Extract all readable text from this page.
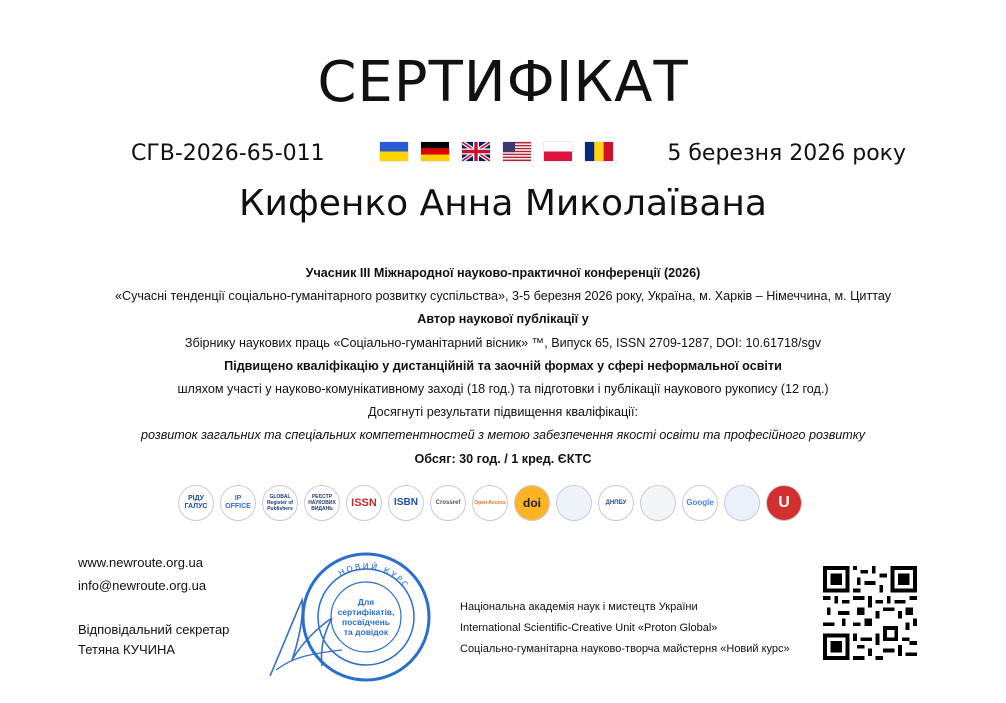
СЕРТИФІКАТ
СГВ-2026-65-011	5 березня 2026 року
Кифенко Анна Миколаївана
Учасник III Міжнародної науково-практичної конференції (2026)
«Сучасні тенденції соціально-гуманітарного розвитку суспільства», 3-5 березня 2026 року, Україна, м. Харків – Німеччина, м. Циттау
Автор наукової публікації у
Збірнику наукових праць «Соціально-гуманітарний вісник» ™, Випуск 65, ISSN 2709-1287, DOI: 10.61718/sgv
Підвищено кваліфікацію у дистанційній та заочній формах у сфері неформальної освіти
шляхом участі у науково-комунікативному заході (18 год.) та підготовки і публікації наукового рукопису (12 год.)
Досягнуті результати підвищення кваліфікації:
розвиток загальних та спеціальних компетентностей з метою забезпечення якості освіти та професійного розвитку
Обсяг: 30 год. / 1 кред. ЄКТС
РІДУ ГАЛУС
IP OFFICE
GLOBAL Register of Publishers
РЕЄСТР НАУКОВИХ ВИДАНЬ	ISSN	ISBN	Crossref	Open Access	doi	ДНПБУ	Google	U
www.newroute.org.ua
info@newroute.org.ua
Відповідальний секретар
Тетяна КУЧИНА
НОВИЙ КУРС
Для
сертифікатів,
посвідчень
та довідок
Національна академія наук і мистецтв України
International Scientific-Creative Unit «Proton Global»
Соціально-гуманітарна науково-творча майстерня «Новий курс»
